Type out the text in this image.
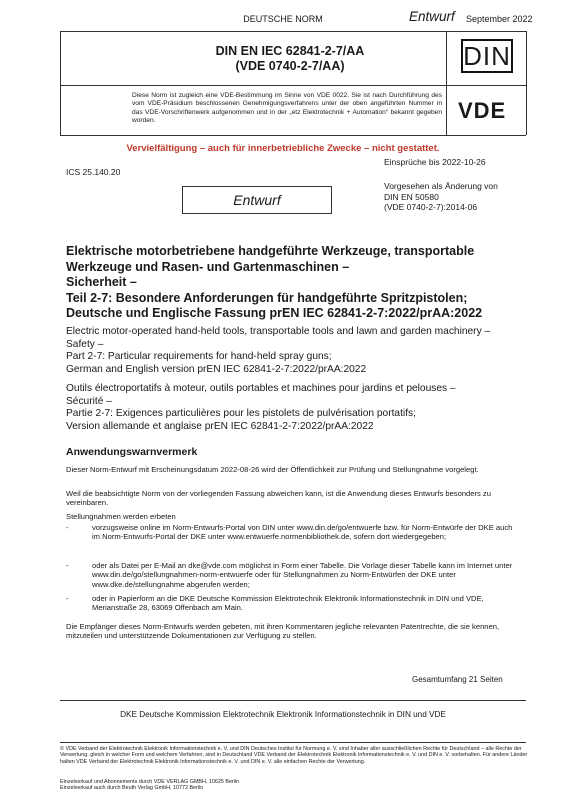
DEUTSCHE NORM	Entwurf September 2022
DIN EN IEC 62841-2-7/AA
(VDE 0740-2-7/AA)	DIN
Diese Norm ist zugleich eine VDE-Bestimmung im Sinne von VDE 0022. Sie ist nach Durchführung des vom VDE-Präsidium beschlossenen Genehmigungsverfahrens unter der oben angeführten Nummer in das VDE-Vorschriftenwerk aufgenommen und in der „etz Elektrotechnik + Automation“ bekannt gegeben worden.	VDE
Vervielfältigung – auch für innerbetriebliche Zwecke – nicht gestattet.
ICS 25.140.20
Einsprüche bis 2022-10-26
Vorgesehen als Änderung von
DIN EN 50580
(VDE 0740-2-7):2014-06
Entwurf
Elektrische motorbetriebene handgeführte Werkzeuge, transportable
Werkzeuge und Rasen- und Gartenmaschinen –
Sicherheit –
Teil 2-7: Besondere Anforderungen für handgeführte Spritzpistolen;
Deutsche und Englische Fassung prEN IEC 62841-2-7:2022/prAA:2022
Electric motor-operated hand-held tools, transportable tools and lawn and garden machinery –
Safety –
Part 2-7: Particular requirements for hand-held spray guns;
German and English version prEN IEC 62841-2-7:2022/prAA:2022
Outils électroportatifs à moteur, outils portables et machines pour jardins et pelouses –
Sécurité –
Partie 2-7: Exigences particulières pour les pistolets de pulvérisation portatifs;
Version allemande et anglaise prEN IEC 62841-2-7:2022/prAA:2022
Anwendungswarnvermerk
Dieser Norm-Entwurf mit Erscheinungsdatum 2022-08-26 wird der Öffentlichkeit zur Prüfung und Stellungnahme vorgelegt.
Weil die beabsichtigte Norm von der vorliegenden Fassung abweichen kann, ist die Anwendung dieses Entwurfs besonders zu vereinbaren.
Stellungnahmen werden erbeten
-	vorzugsweise online im Norm-Entwurfs-Portal von DIN unter www.din.de/go/entwuerfe bzw. für Norm-Entwürfe der DKE auch im Norm-Entwurfs-Portal der DKE unter www.entwuerfe.normenbibliothek.de, sofern dort wiedergegeben;
-	oder als Datei per E-Mail an dke@vde.com möglichst in Form einer Tabelle. Die Vorlage dieser Tabelle kann im Internet unter www.din.de/go/stellungnahmen-norm-entwuerfe oder für Stellungnahmen zu Norm-Entwürfen der DKE unter www.dke.de/stellungnahme abgerufen werden;
-	oder in Papierform an die DKE Deutsche Kommission Elektrotechnik Elektronik Informationstechnik in DIN und VDE, Merianstraße 28, 63069 Offenbach am Main.
Die Empfänger dieses Norm-Entwurfs werden gebeten, mit ihren Kommentaren jegliche relevanten Patentrechte, die sie kennen, mitzuteilen und unterstützende Dokumentationen zur Verfügung zu stellen.
Gesamtumfang 21 Seiten
DKE Deutsche Kommission Elektrotechnik Elektronik Informationstechnik in DIN und VDE
© VDE Verband der Elektrotechnik Elektronik Informationstechnik e. V. und DIN Deutsches Institut für Normung e. V. sind Inhaber aller ausschließlichen Rechte für Deutschland – alle Rechte der Verwertung, gleich in welcher Form und welchem Verfahren, sind in Deutschland VDE Verband der Elektrotechnik Elektronik Informationstechnik e. V. und DIN e. V. vorbehalten. Für andere Länder halten VDE Verband der Elektrotechnik Elektronik Informationstechnik e. V. und DIN e. V. alle einfachen Rechte der Verwertung.
Einzelverkauf und Abonnements durch VDE VERLAG GMBH, 10625 Berlin
Einzelverkauf auch durch Beuth Verlag GmbH, 10772 Berlin
